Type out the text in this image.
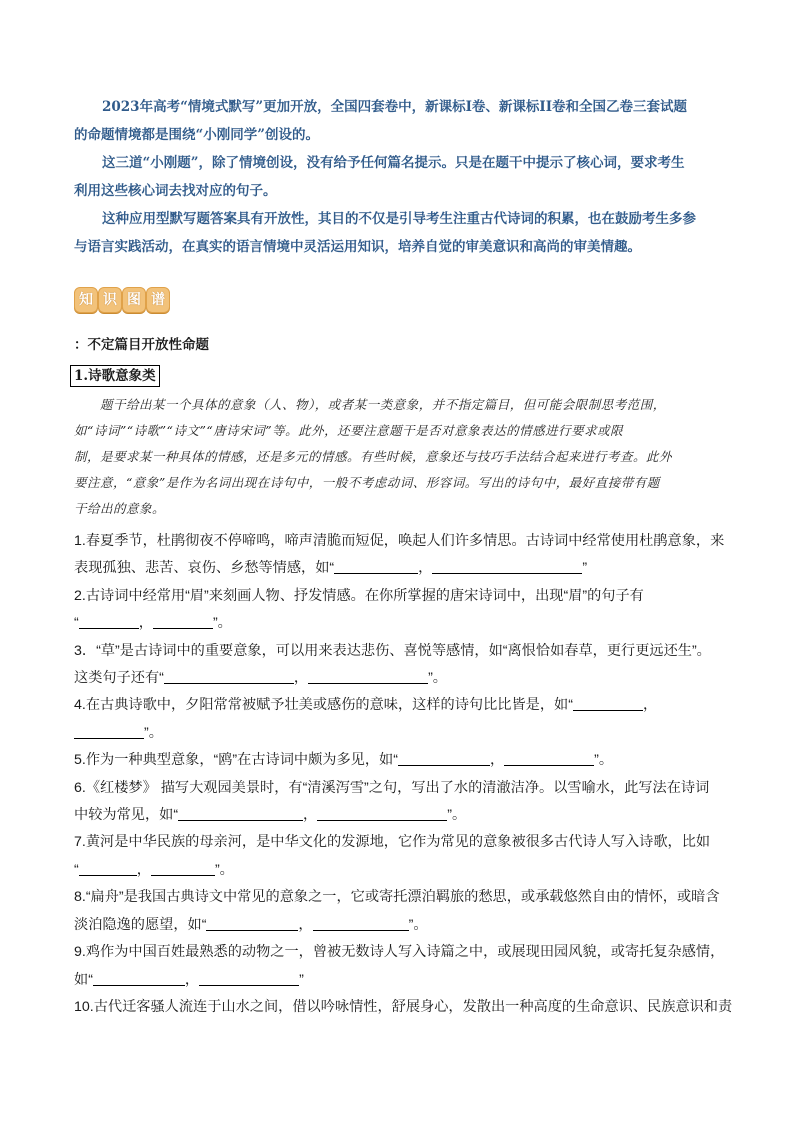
2023年高考“情境式默写”更加开放，全国四套卷中，新课标Ⅰ卷、新课标II卷和全国乙卷三套试题

的命题情境都是围绕“小刚同学”创设的。

这三道“小刚题”，除了情境创设，没有给予任何篇名提示。只是在题干中提示了核心词，要求考生

利用这些核心词去找对应的句子。

这种应用型默写题答案具有开放性，其目的不仅是引导考生注重古代诗词的积累，也在鼓励考生多参

与语言实践活动，在真实的语言情境中灵活运用知识，培养自觉的审美意识和高尚的审美情趣。

知 识 图 谱
：不定篇目开放性命题
1.诗歌意象类

题干给出某一个具体的意象（人、物），或者某一类意象，并不指定篇目，但可能会限制思考范围，

如“诗词”“诗歌”“诗文”“唐诗宋词”等。此外，还要注意题干是否对意象表达的情感进行要求或限

制，是要求某一种具体的情感，还是多元的情感。有些时候，意象还与技巧手法结合起来进行考查。此外

要注意，“意象”是作为名词出现在诗句中，一般不考虑动词、形容词。写出的诗句中，最好直接带有题

干给出的意象。

1.春夏季节，杜鹃彻夜不停啼鸣，啼声清脆而短促，唤起人们许多情思。古诗词中经常使用杜鹃意象，来
表现孤独、悲苦、哀伤、乡愁等情感，如“	，	”
2.古诗词中经常用“眉”来刻画人物、抒发情感。在你所掌握的唐宋诗词中，出现“眉”的句子有
“	，	”。
3．“草”是古诗词中的重要意象，可以用来表达悲伤、喜悦等感情，如“离恨恰如春草，更行更远还生”。
这类句子还有“	，	”。
4.在古典诗歌中，夕阳常常被赋予壮美或感伤的意味，这样的诗句比比皆是，如“	，
”。
5.作为一种典型意象，“鸥”在古诗词中颇为多见，如“	，	”。
6.《红楼梦》 描写大观园美景时，有“清溪泻雪”之句，写出了水的清澈洁净。以雪喻水，此写法在诗词
中较为常见，如“	，	”。
7.黄河是中华民族的母亲河，是中华文化的发源地，它作为常见的意象被很多古代诗人写入诗歌，比如
“	，	”。
8.“扁舟”是我国古典诗文中常见的意象之一，它或寄托漂泊羁旅的愁思，或承载悠然自由的情怀，或暗含
淡泊隐逸的愿望，如“	，	”。
9.鸡作为中国百姓最熟悉的动物之一，曾被无数诗人写入诗篇之中，或展现田园风貌，或寄托复杂感情，
如“	，	”
10.古代迁客骚人流连于山水之间，借以吟咏情性，舒展身心，发散出一种高度的生命意识、民族意识和责
